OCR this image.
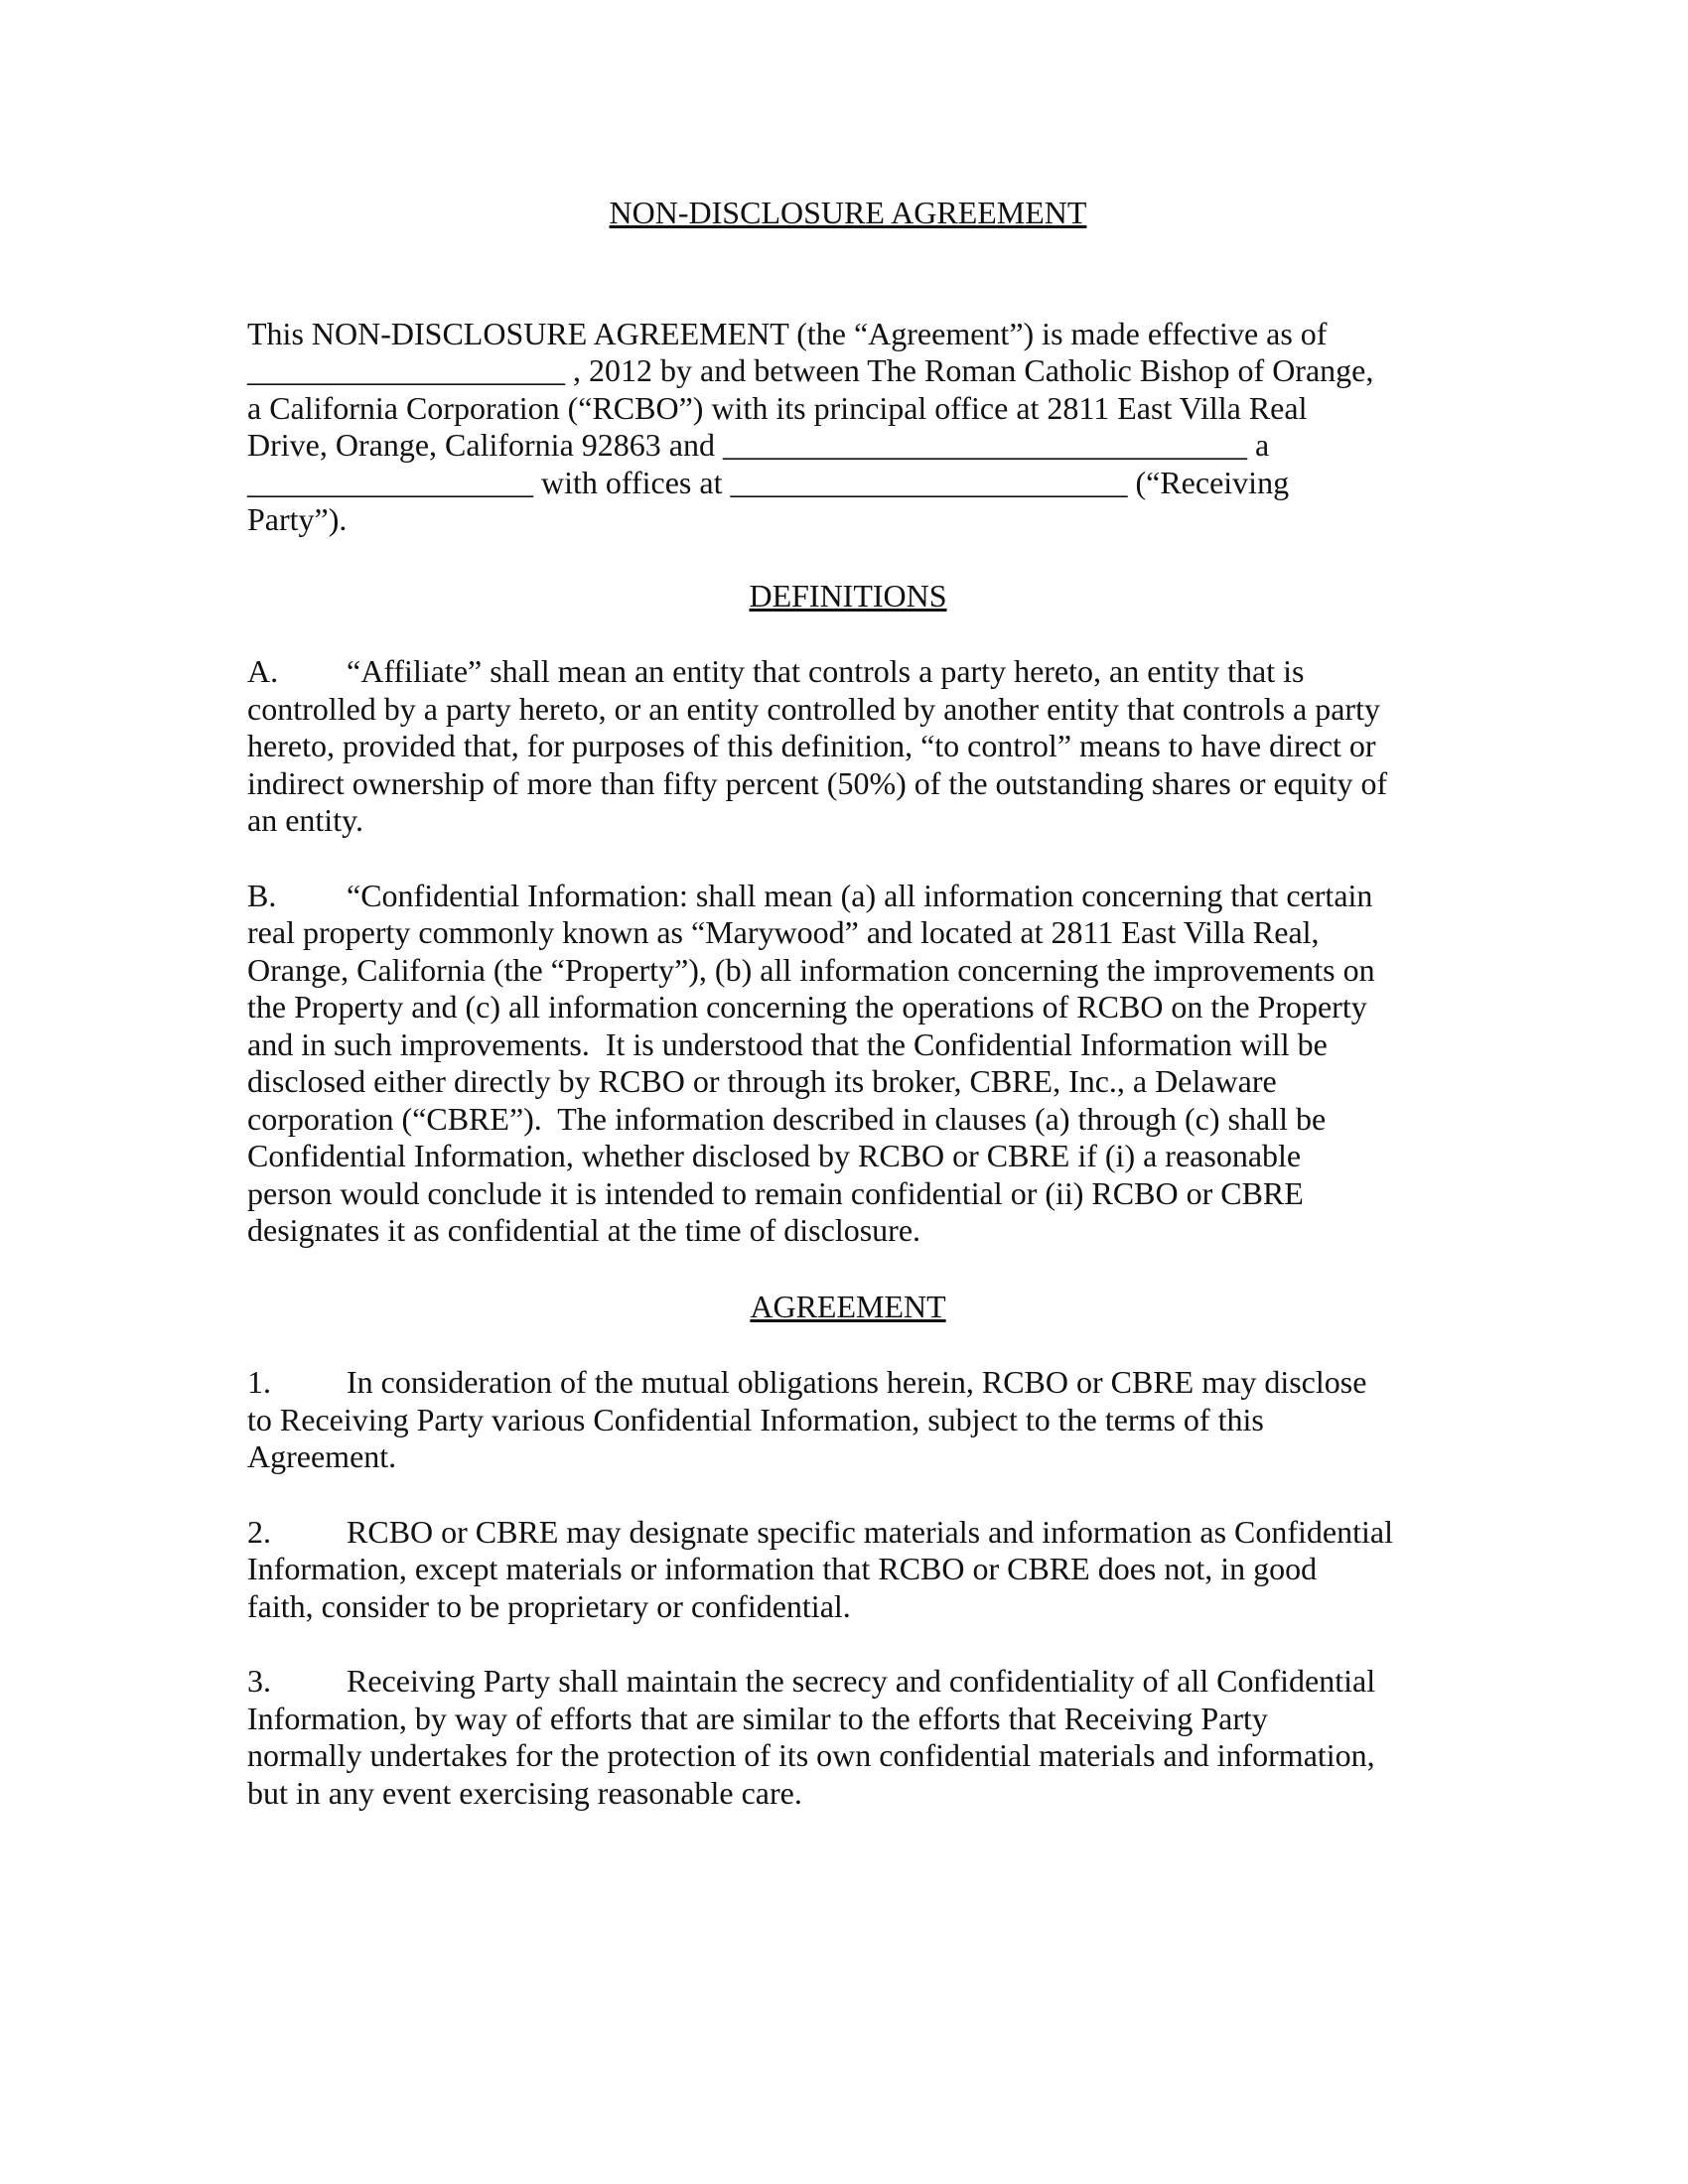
NON-DISCLOSURE AGREEMENT
This NON-DISCLOSURE AGREEMENT (the “Agreement”) is made effective as of
____________________ , 2012 by and between The Roman Catholic Bishop of Orange,
a California Corporation (“RCBO”) with its principal office at 2811 East Villa Real
Drive, Orange, California 92863 and _________________________________ a
__________________ with offices at _________________________ (“Receiving
Party”).
DEFINITIONS
A. “Affiliate” shall mean an entity that controls a party hereto, an entity that is
controlled by a party hereto, or an entity controlled by another entity that controls a party
hereto, provided that, for purposes of this definition, “to control” means to have direct or
indirect ownership of more than fifty percent (50%) of the outstanding shares or equity of
an entity.
B. “Confidential Information: shall mean (a) all information concerning that certain
real property commonly known as “Marywood” and located at 2811 East Villa Real,
Orange, California (the “Property”), (b) all information concerning the improvements on
the Property and (c) all information concerning the operations of RCBO on the Property
and in such improvements.  It is understood that the Confidential Information will be
disclosed either directly by RCBO or through its broker, CBRE, Inc., a Delaware
corporation (“CBRE”).  The information described in clauses (a) through (c) shall be
Confidential Information, whether disclosed by RCBO or CBRE if (i) a reasonable
person would conclude it is intended to remain confidential or (ii) RCBO or CBRE
designates it as confidential at the time of disclosure.
AGREEMENT
1. In consideration of the mutual obligations herein, RCBO or CBRE may disclose
to Receiving Party various Confidential Information, subject to the terms of this
Agreement.
2. RCBO or CBRE may designate specific materials and information as Confidential
Information, except materials or information that RCBO or CBRE does not, in good
faith, consider to be proprietary or confidential.
3. Receiving Party shall maintain the secrecy and confidentiality of all Confidential
Information, by way of efforts that are similar to the efforts that Receiving Party
normally undertakes for the protection of its own confidential materials and information,
but in any event exercising reasonable care.
